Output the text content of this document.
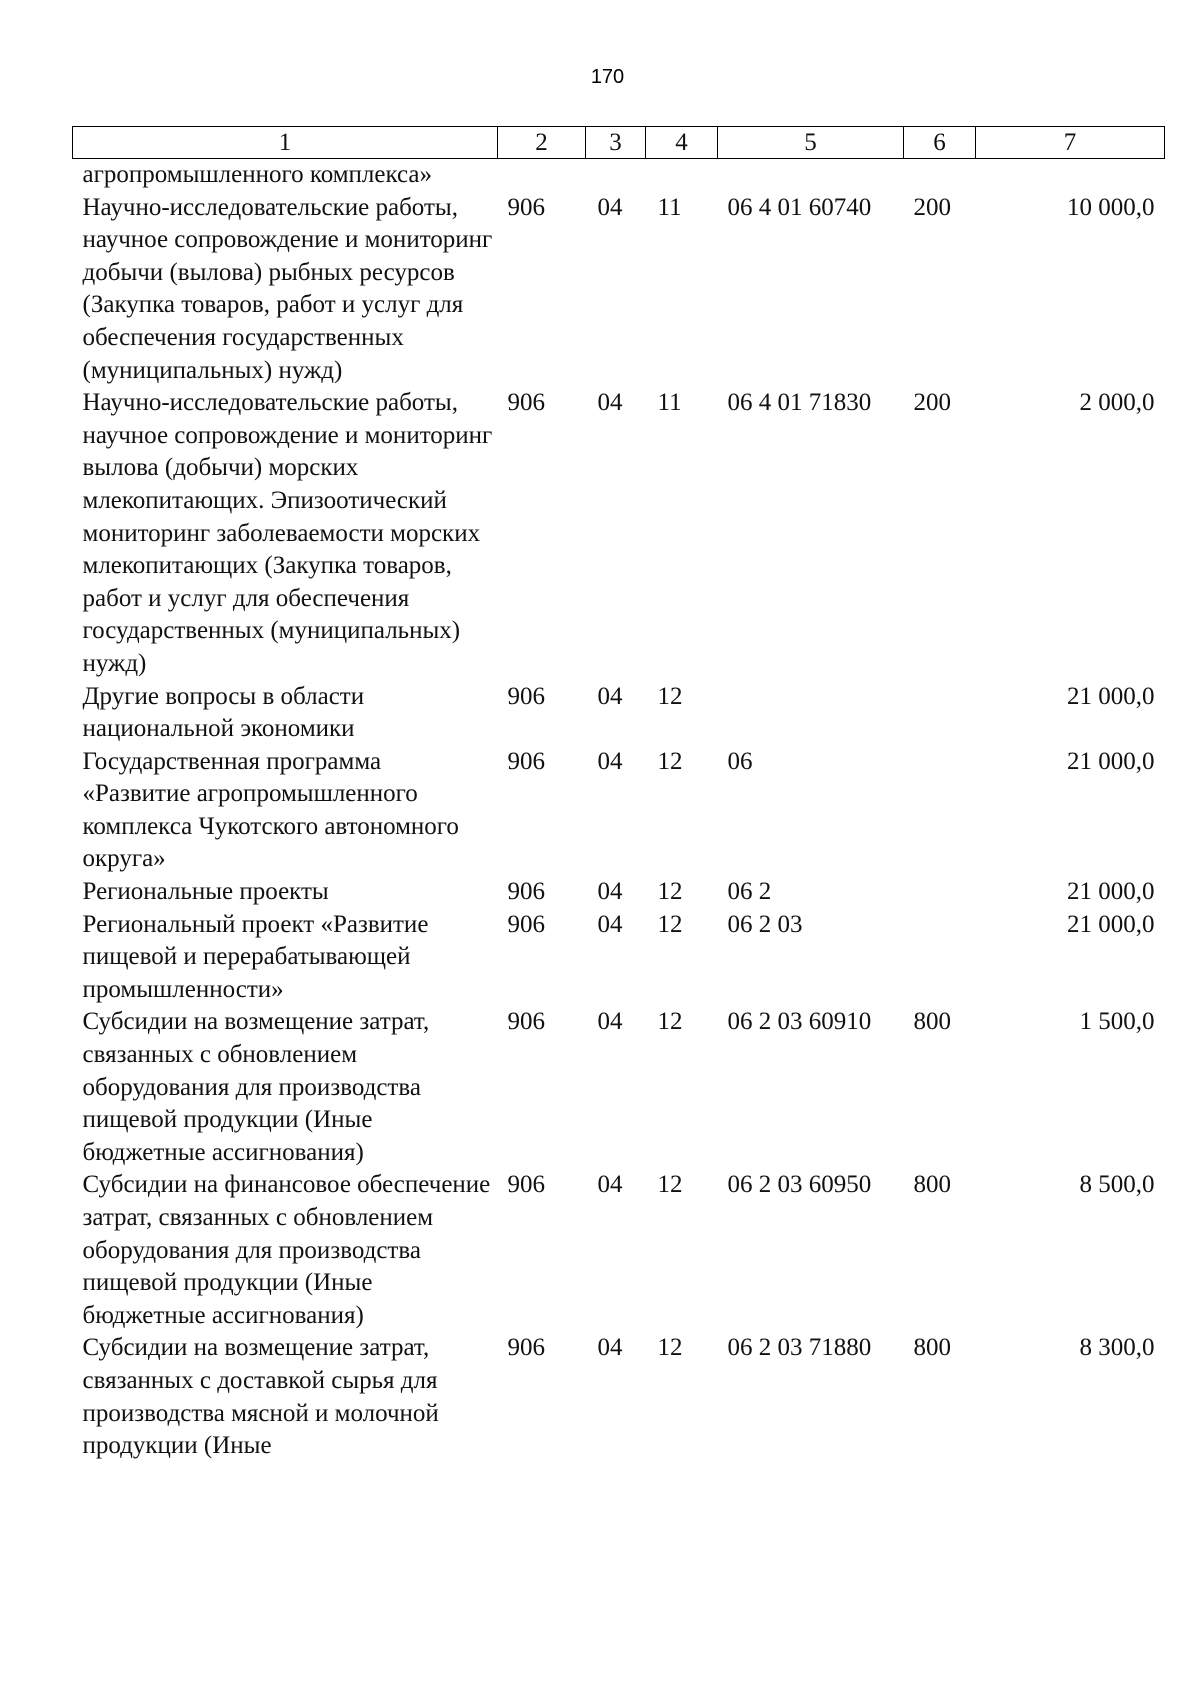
170
1	2	3	4	5	6	7
агропромышленного комплекса»						
Научно-исследовательские работы, научное сопровождение и мониторинг добычи (вылова) рыбных ресурсов (Закупка товаров, работ и услуг для обеспечения государственных (муниципальных) нужд)	906	04	11	06 4 01 60740	200	10 000,0
Научно-исследовательские работы, научное сопровождение и мониторинг вылова (добычи) морских млекопитающих. Эпизоотический мониторинг заболеваемости морских млекопитающих (Закупка товаров, работ и услуг для обеспечения государственных (муниципальных) нужд)	906	04	11	06 4 01 71830	200	2 000,0
Другие вопросы в области национальной экономики	906	04	12			21 000,0
Государственная программа «Развитие агропромышленного комплекса Чукотского автономного округа»	906	04	12	06		21 000,0
Региональные проекты	906	04	12	06 2		21 000,0
Региональный проект «Развитие пищевой и перерабатывающей промышленности»	906	04	12	06 2 03		21 000,0
Субсидии на возмещение затрат, связанных с обновлением оборудования для производства пищевой продукции (Иные бюджетные ассигнования)	906	04	12	06 2 03 60910	800	1 500,0
Субсидии на финансовое обеспечение затрат, связанных с обновлением оборудования для производства пищевой продукции (Иные бюджетные ассигнования)	906	04	12	06 2 03 60950	800	8 500,0
Субсидии на возмещение затрат, связанных с доставкой сырья для производства мясной и молочной продукции (Иные	906	04	12	06 2 03 71880	800	8 300,0
